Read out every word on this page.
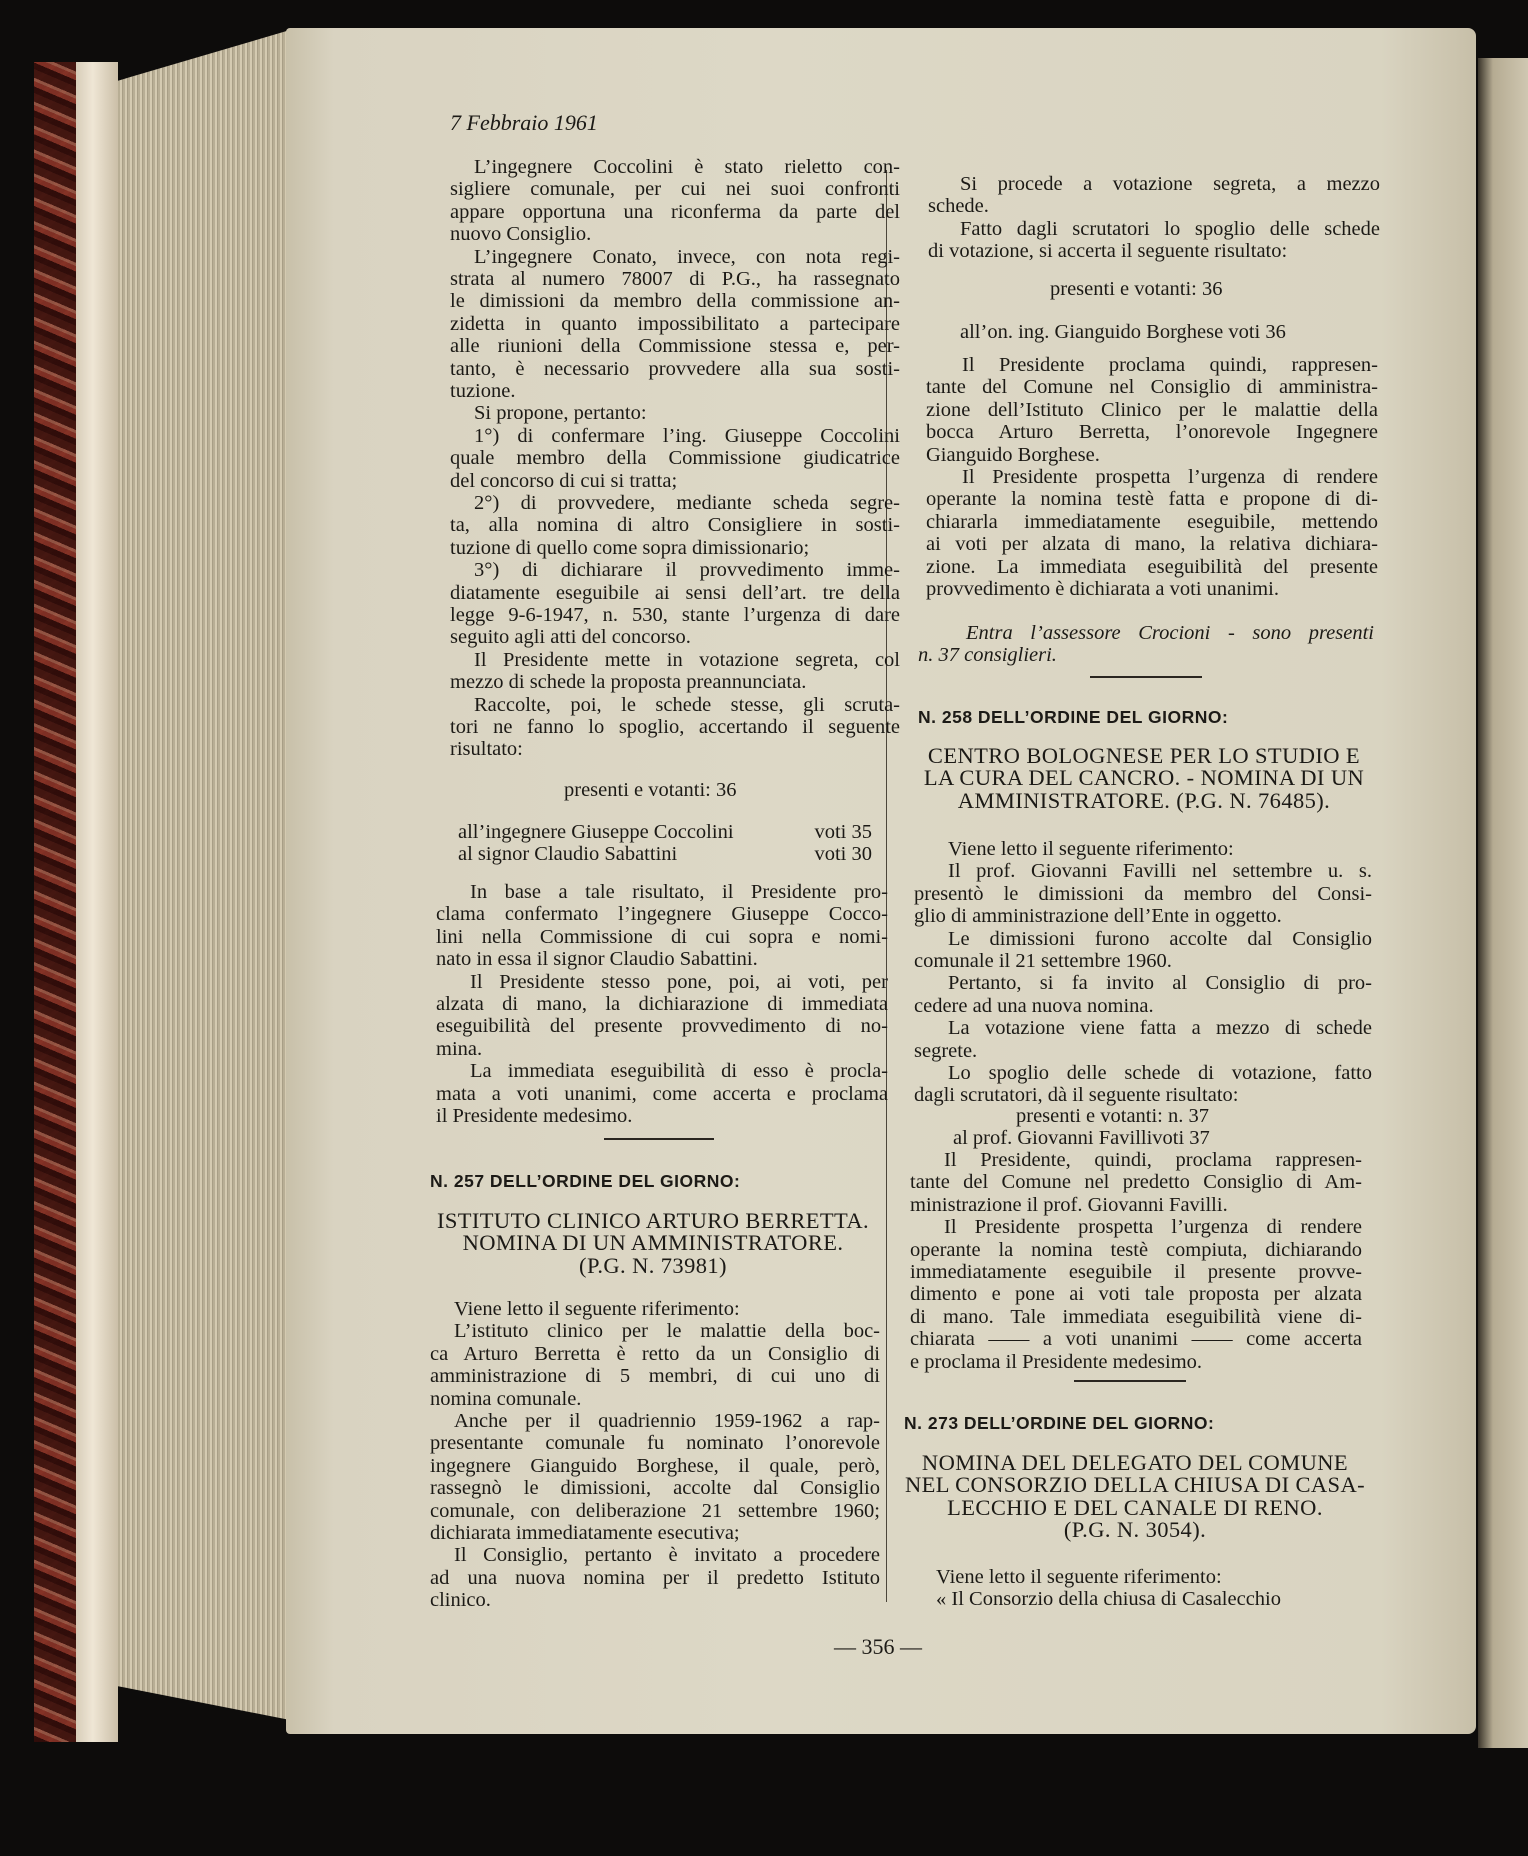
7 Febbraio 1961
L’ingegnere Coccolini è stato rieletto con-
sigliere comunale, per cui nei suoi confronti
appare opportuna una riconferma da parte del
nuovo Consiglio.
L’ingegnere Conato, invece, con nota regi-
strata al numero 78007 di P.G., ha rassegnato
le dimissioni da membro della commissione an-
zidetta in quanto impossibilitato a partecipare
alle riunioni della Commissione stessa e, per-
tanto, è necessario provvedere alla sua sosti-
tuzione.
Si propone, pertanto:
1°) di confermare l’ing. Giuseppe Coccolini
quale membro della Commissione giudicatrice
del concorso di cui si tratta;
2°) di provvedere, mediante scheda segre-
ta, alla nomina di altro Consigliere in sosti-
tuzione di quello come sopra dimissionario;
3°) di dichiarare il provvedimento imme-
diatamente eseguibile ai sensi dell’art. tre della
legge 9-6-1947, n. 530, stante l’urgenza di dare
seguito agli atti del concorso.
Il Presidente mette in votazione segreta, col
mezzo di schede la proposta preannunciata.
Raccolte, poi, le schede stesse, gli scruta-
tori ne fanno lo spoglio, accertando il seguente
risultato:
presenti e votanti: 36
all’ingegnere Giuseppe Coccolini	voti 35
al signor Claudio Sabattini	voti 30
In base a tale risultato, il Presidente pro-
clama confermato l’ingegnere Giuseppe Cocco-
lini nella Commissione di cui sopra e nomi-
nato in essa il signor Claudio Sabattini.
Il Presidente stesso pone, poi, ai voti, per
alzata di mano, la dichiarazione di immediata
eseguibilità del presente provvedimento di no-
mina.
La immediata eseguibilità di esso è procla-
mata a voti unanimi, come accerta e proclama
il Presidente medesimo.
N. 257 DELL’ORDINE DEL GIORNO:
ISTITUTO CLINICO ARTURO BERRETTA.
NOMINA DI UN AMMINISTRATORE.
(P.G. N. 73981)
Viene letto il seguente riferimento:
L’istituto clinico per le malattie della boc-
ca Arturo Berretta è retto da un Consiglio di
amministrazione di 5 membri, di cui uno di
nomina comunale.
Anche per il quadriennio 1959-1962 a rap-
presentante comunale fu nominato l’onorevole
ingegnere Gianguido Borghese, il quale, però,
rassegnò le dimissioni, accolte dal Consiglio
comunale, con deliberazione 21 settembre 1960;
dichiarata immediatamente esecutiva;
Il Consiglio, pertanto è invitato a procedere
ad una nuova nomina per il predetto Istituto
clinico.
Si procede a votazione segreta, a mezzo
schede.
Fatto dagli scrutatori lo spoglio delle schede
di votazione, si accerta il seguente risultato:
presenti e votanti: 36
all’on. ing. Gianguido Borghese voti 36
Il Presidente proclama quindi, rappresen-
tante del Comune nel Consiglio di amministra-
zione dell’Istituto Clinico per le malattie della
bocca Arturo Berretta, l’onorevole Ingegnere
Gianguido Borghese.
Il Presidente prospetta l’urgenza di rendere
operante la nomina testè fatta e propone di di-
chiararla immediatamente eseguibile, mettendo
ai voti per alzata di mano, la relativa dichiara-
zione. La immediata eseguibilità del presente
provvedimento è dichiarata a voti unanimi.
Entra l’assessore Crocioni - sono presenti
n. 37 consiglieri.
N. 258 DELL’ORDINE DEL GIORNO:
CENTRO BOLOGNESE PER LO STUDIO E
LA CURA DEL CANCRO. - NOMINA DI UN
AMMINISTRATORE. (P.G. N. 76485).
Viene letto il seguente riferimento:
Il prof. Giovanni Favilli nel settembre u. s.
presentò le dimissioni da membro del Consi-
glio di amministrazione dell’Ente in oggetto.
Le dimissioni furono accolte dal Consiglio
comunale il 21 settembre 1960.
Pertanto, si fa invito al Consiglio di pro-
cedere ad una nuova nomina.
La votazione viene fatta a mezzo di schede
segrete.
Lo spoglio delle schede di votazione, fatto
dagli scrutatori, dà il seguente risultato:
presenti e votanti: n. 37
al prof. Giovanni Favilli voti 37
Il Presidente, quindi, proclama rappresen-
tante del Comune nel predetto Consiglio di Am-
ministrazione il prof. Giovanni Favilli.
Il Presidente prospetta l’urgenza di rendere
operante la nomina testè compiuta, dichiarando
immediatamente eseguibile il presente provve-
dimento e pone ai voti tale proposta per alzata
di mano. Tale immediata eseguibilità viene di-
chiarata —— a voti unanimi —— come accerta
e proclama il Presidente medesimo.
N. 273 DELL’ORDINE DEL GIORNO:
NOMINA DEL DELEGATO DEL COMUNE
NEL CONSORZIO DELLA CHIUSA DI CASA-
LECCHIO E DEL CANALE DI RENO.
(P.G. N. 3054).
Viene letto il seguente riferimento:
« Il Consorzio della chiusa di Casalecchio
— 356 —
